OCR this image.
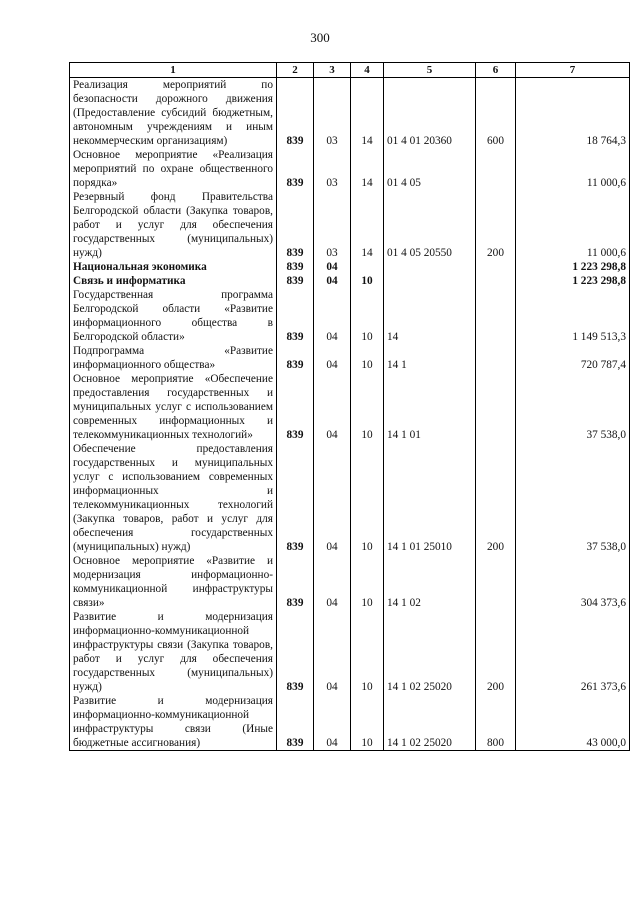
300
1	2	3	4	5	6	7
Реализация мероприятий по безопасности дорожного движения (Предоставление субсидий бюджетным, автономным учреждениям и иным некоммерческим организациям)	839	03	14	01 4 01 20360	600	18 764,3
Основное мероприятие «Реализация мероприятий по охране общественного порядка»	839	03	14	01 4 05		11 000,6
Резервный фонд Правительства Белгородской области (Закупка товаров, работ и услуг для обеспечения государственных (муниципальных) нужд)	839	03	14	01 4 05 20550	200	11 000,6
Национальная экономика	839	04				1 223 298,8
Связь и информатика	839	04	10			1 223 298,8
Государственная программа Белгородской области «Развитие информационного общества в Белгородской области»	839	04	10	14		1 149 513,3
Подпрограмма «Развитие информационного общества»	839	04	10	14 1		720 787,4
Основное мероприятие «Обеспечение предоставления государственных и муниципальных услуг с использованием современных информационных и телекоммуникационных технологий»	839	04	10	14 1 01		37 538,0
Обеспечение предоставления государственных и муниципальных услуг с использованием современных информационных и телекоммуникационных технологий (Закупка товаров, работ и услуг для обеспечения государственных (муниципальных) нужд)	839	04	10	14 1 01 25010	200	37 538,0
Основное мероприятие «Развитие и модернизация информационно-коммуникационной инфраструктуры связи»	839	04	10	14 1 02		304 373,6
Развитие и модернизация информационно-коммуникационной инфраструктуры связи (Закупка товаров, работ и услуг для обеспечения государственных (муниципальных) нужд)	839	04	10	14 1 02 25020	200	261 373,6
Развитие и модернизация информационно-коммуникационной инфраструктуры связи (Иные бюджетные ассигнования)	839	04	10	14 1 02 25020	800	43 000,0
